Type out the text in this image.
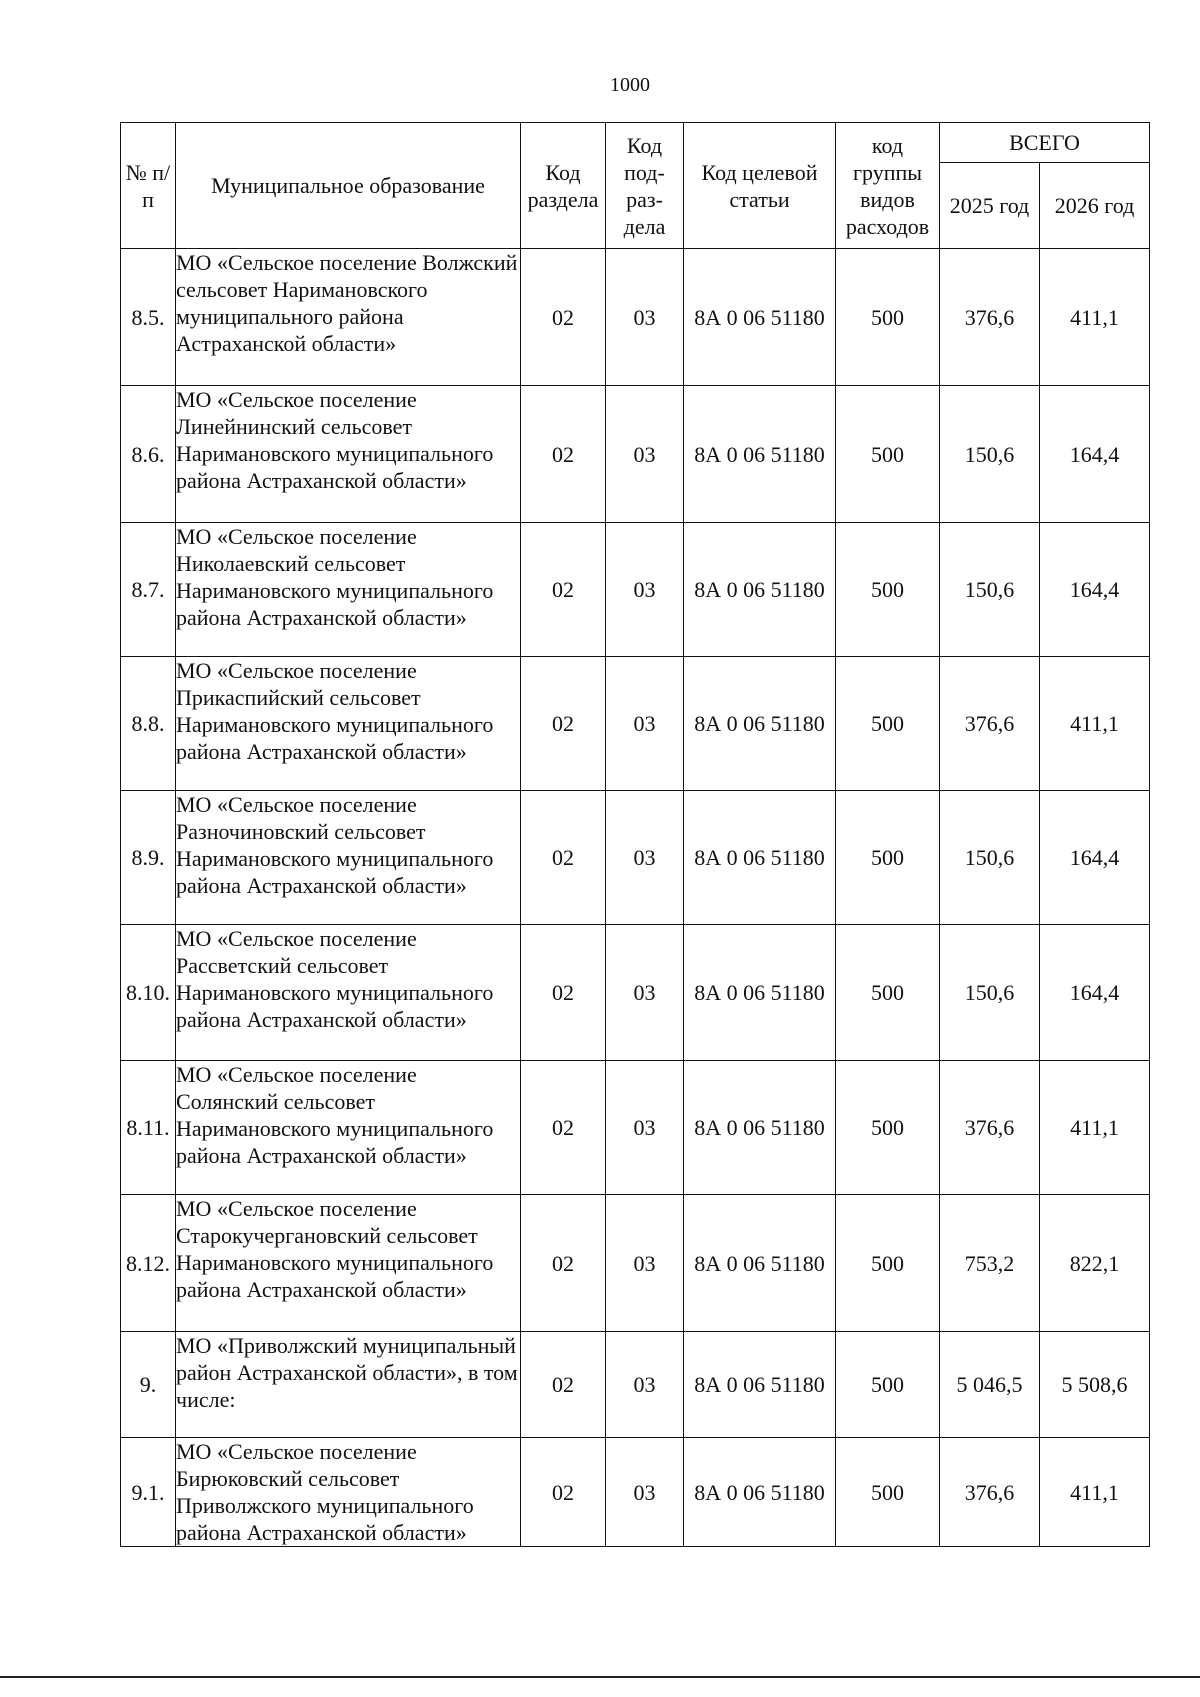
1000
№ п/п	Муниципальное образование	Код раздела	Код под-раз-дела	Код целевой статьи	код группы видов расходов	ВСЕГО	
						2025 год	2026 год
8.5.	МО «Сельское поселение Волжский сельсовет Наримановского муниципального района Астраханской области»	02	03	8А 0 06 51180	500	376,6	411,1
8.6.	МО «Сельское поселение Линейнинский сельсовет Наримановского муниципального района Астраханской области»	02	03	8А 0 06 51180	500	150,6	164,4
8.7.	МО «Сельское поселение Николаевский сельсовет Наримановского муниципального района Астраханской области»	02	03	8А 0 06 51180	500	150,6	164,4
8.8.	МО «Сельское поселение Прикаспийский сельсовет Наримановского муниципального района Астраханской области»	02	03	8А 0 06 51180	500	376,6	411,1
8.9.	МО «Сельское поселение Разночиновский сельсовет Наримановского муниципального района Астраханской области»	02	03	8А 0 06 51180	500	150,6	164,4
8.10.	МО «Сельское поселение Рассветский сельсовет Наримановского муниципального района Астраханской области»	02	03	8А 0 06 51180	500	150,6	164,4
8.11.	МО «Сельское поселение Солянский сельсовет Наримановского муниципального района Астраханской области»	02	03	8А 0 06 51180	500	376,6	411,1
8.12.	МО «Сельское поселение Старокучергановский сельсовет Наримановского муниципального района Астраханской области»	02	03	8А 0 06 51180	500	753,2	822,1
9.	МО «Приволжский муниципальный район Астраханской области», в том числе:	02	03	8А 0 06 51180	500	5 046,5	5 508,6
9.1.	МО «Сельское поселение Бирюковский сельсовет Приволжского муниципального района Астраханской области»	02	03	8А 0 06 51180	500	376,6	411,1
